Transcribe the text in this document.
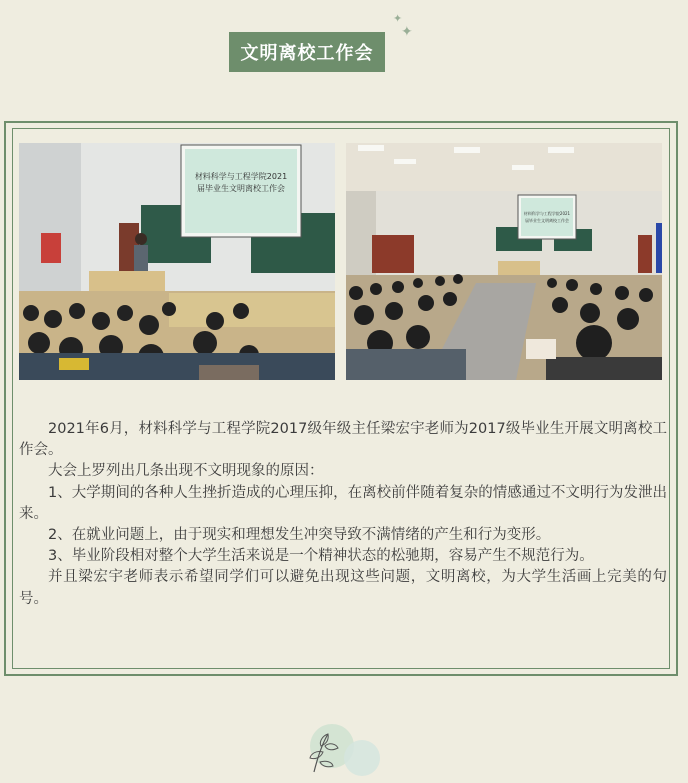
文明离校工作会
✦
✦
材料科学与工程学院2021
届毕业生文明离校工作会
材料科学与工程学院2021
届毕业生文明离校工作会

2021年6月，材料科学与工程学院2017级年级主任梁宏宇老师为2017级毕业生开展文明离校工作会。

大会上罗列出几条出现不文明现象的原因：

1、大学期间的各种人生挫折造成的心理压抑，在离校前伴随着复杂的情感通过不文明行为发泄出来。

2、在就业问题上，由于现实和理想发生冲突导致不满情绪的产生和行为变形。

3、毕业阶段相对整个大学生活来说是一个精神状态的松驰期，容易产生不规范行为。

并且梁宏宇老师表示希望同学们可以避免出现这些问题，文明离校，为大学生活画上完美的句号。
